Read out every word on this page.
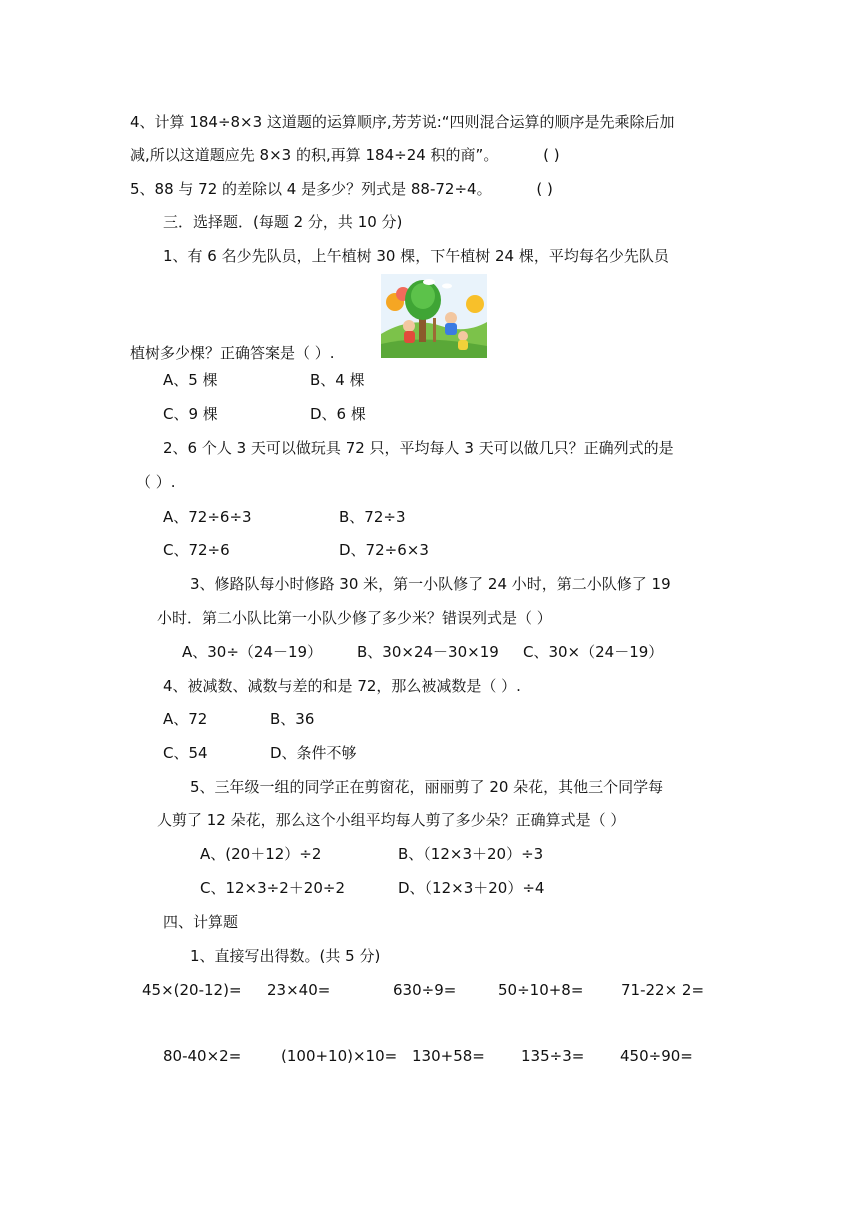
4、计算 184÷8×3 这道题的运算顺序,芳芳说:“四则混合运算的顺序是先乘除后加
减,所以这道题应先 8×3 的积,再算 184÷24 积的商”。	( )
5、88 与 72 的差除以 4 是多少？列式是 88-72÷4。	( )
三．选择题．(每题 2 分，共 10 分)
1、有 6 名少先队员，上午植树 30 棵，下午植树 24 棵，平均每名少先队员
植树多少棵？正确答案是（ ）.
A、5 棵	B、4 棵
C、9 棵	D、6 棵
2、6 个人 3 天可以做玩具 72 只，平均每人 3 天可以做几只？正确列式的是
（ ）.
A、72÷6÷3	B、72÷3
C、72÷6	D、72÷6×3
3、修路队每小时修路 30 米，第一小队修了 24 小时，第二小队修了 19
小时．第二小队比第一小队少修了多少米？错误列式是（ ）
A、30÷（24－19） B、30×24－30×19 C、30×（24－19）
4、被减数、减数与差的和是 72，那么被减数是（ ）.
A、72	B、36
C、54	D、条件不够
5、三年级一组的同学正在剪窗花，丽丽剪了 20 朵花，其他三个同学每
人剪了 12 朵花，那么这个小组平均每人剪了多少朵？正确算式是（ ）
A、(20＋12）÷2	B、（12×3＋20）÷3
C、12×3÷2＋20÷2	D、（12×3＋20）÷4
四、计算题
1、直接写出得数。(共 5 分)
45×(20-12)= 23×40=	630÷9=	50÷10+8=	71-22× 2=
80-40×2=	(100+10)×10= 130+58= 135÷3= 450÷90=
